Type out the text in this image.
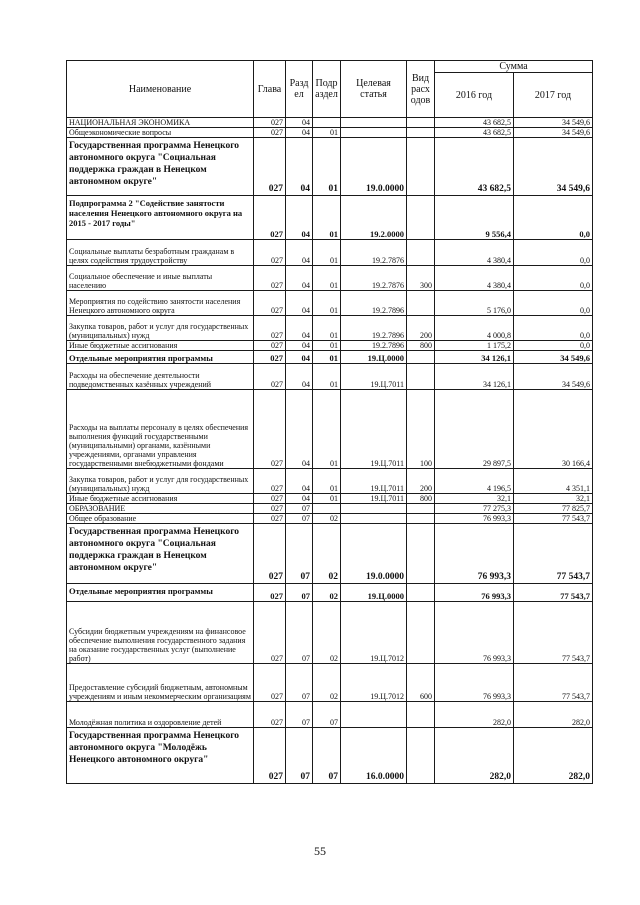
Наименование	Глава	Разд ел	Подр аздел	Целевая статья	Вид расх одов	Сумма	
						2016 год	2017 год
НАЦИОНАЛЬНАЯ ЭКОНОМИКА	027	04				43 682,5	34 549,6
Общеэкономические вопросы	027	04	01			43 682,5	34 549,6
Государственная программа Ненецкого автономного округа "Социальная поддержка граждан в Ненецком автономном округе"	027	04	01	19.0.0000		43 682,5	34 549,6
Подпрограмма 2 "Содействие занятости населения Ненецкого автономного округа на 2015 - 2017 годы"	027	04	01	19.2.0000		9 556,4	0,0
Социальные выплаты безработным гражданам в целях содействия трудоустройству	027	04	01	19.2.7876		4 380,4	0,0
Социальное обеспечение и иные выплаты населению	027	04	01	19.2.7876	300	4 380,4	0,0
Мероприятия по содействию занятости населения Ненецкого автономного округа	027	04	01	19.2.7896		5 176,0	0,0
Закупка товаров, работ и услуг для государственных (муниципальных) нужд	027	04	01	19.2.7896	200	4 000,8	0,0
Иные бюджетные ассигнования	027	04	01	19.2.7896	800	1 175,2	0,0
Отдельные мероприятия программы	027	04	01	19.Ц.0000		34 126,1	34 549,6
Расходы на обеспечение деятельности подведомственных казённых учреждений	027	04	01	19.Ц.7011		34 126,1	34 549,6
Расходы на выплаты персоналу в целях обеспечения выполнения функций государственными (муниципальными) органами, казёнными учреждениями, органами управления государственными внебюджетными фондами	027	04	01	19.Ц.7011	100	29 897,5	30 166,4
Закупка товаров, работ и услуг для государственных (муниципальных) нужд	027	04	01	19.Ц.7011	200	4 196,5	4 351,1
Иные бюджетные ассигнования	027	04	01	19.Ц.7011	800	32,1	32,1
ОБРАЗОВАНИЕ	027	07				77 275,3	77 825,7
Общее образование	027	07	02			76 993,3	77 543,7
Государственная программа Ненецкого автономного округа "Социальная поддержка граждан в Ненецком автономном округе"	027	07	02	19.0.0000		76 993,3	77 543,7
Отдельные мероприятия программы	027	07	02	19.Ц.0000		76 993,3	77 543,7
Субсидии бюджетным учреждениям на финансовое обеспечение выполнения государственного задания на оказание государственных услуг (выполнение работ)	027	07	02	19.Ц.7012		76 993,3	77 543,7
Предоставление субсидий бюджетным, автономным учреждениям и иным некоммерческим организациям	027	07	02	19.Ц.7012	600	76 993,3	77 543,7
Молодёжная политика и оздоровление детей	027	07	07			282,0	282,0
Государственная программа Ненецкого автономного округа "Молодёжь Ненецкого автономного округа"	027	07	07	16.0.0000		282,0	282,0
55
